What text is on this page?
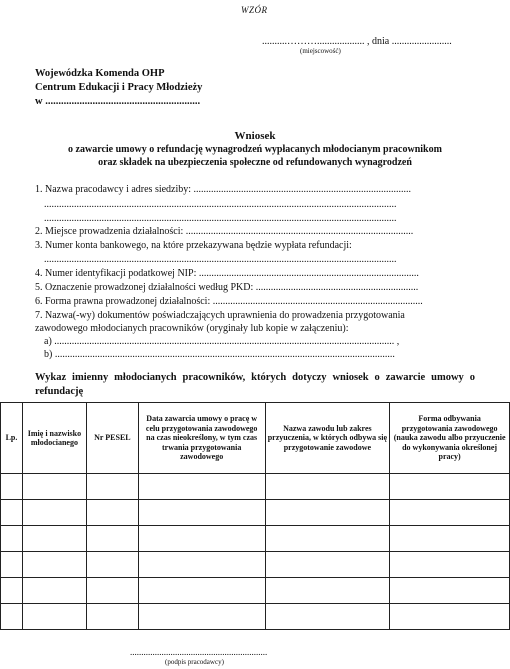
WZÓR
..........………................... , dnia ........................
(miejscowość)
Wojewódzka Komenda OHP
Centrum Edukacji i Pracy Młodzieży
w ...........................................................
Wniosek
o zawarcie umowy o refundację wynagrodzeń wypłacanych młodocianym pracownikom
oraz składek na ubezpieczenia społeczne od refundowanych wynagrodzeń
1. Nazwa pracodawcy i adres siedziby: .......................................................................................
.............................................................................................................................................
.............................................................................................................................................
2. Miejsce prowadzenia działalności: ...........................................................................................
3. Numer konta bankowego, na które przekazywana będzie wypłata refundacji:
.............................................................................................................................................
4. Numer identyfikacji podatkowej NIP: ........................................................................................
5. Oznaczenie prowadzonej działalności według PKD: .................................................................
6. Forma prawna prowadzonej działalności: ....................................................................................
7. Nazwa(-wy) dokumentów poświadczających uprawnienia do prowadzenia przygotowania
zawodowego młodocianych pracowników (oryginały lub kopie w załączeniu):
a) ........................................................................................................................................ ,
b) ........................................................................................................................................
Wykaz imienny młodocianych pracowników, których dotyczy wniosek o zawarcie umowy o refundację
Lp.	Imię i nazwisko młodocianego	Nr PESEL	Data zawarcia umowy o pracę w celu przygotowania zawodowego na czas nieokreślony, w tym czas trwania przygotowania zawodowego	Nazwa zawodu lub zakres przyuczenia, w których odbywa się przygotowanie zawodowe	Forma odbywania przygotowania zawodowego (nauka zawodu albo przyuczenie do wykonywania określonej pracy)

.............................................................
(podpis pracodawcy)
